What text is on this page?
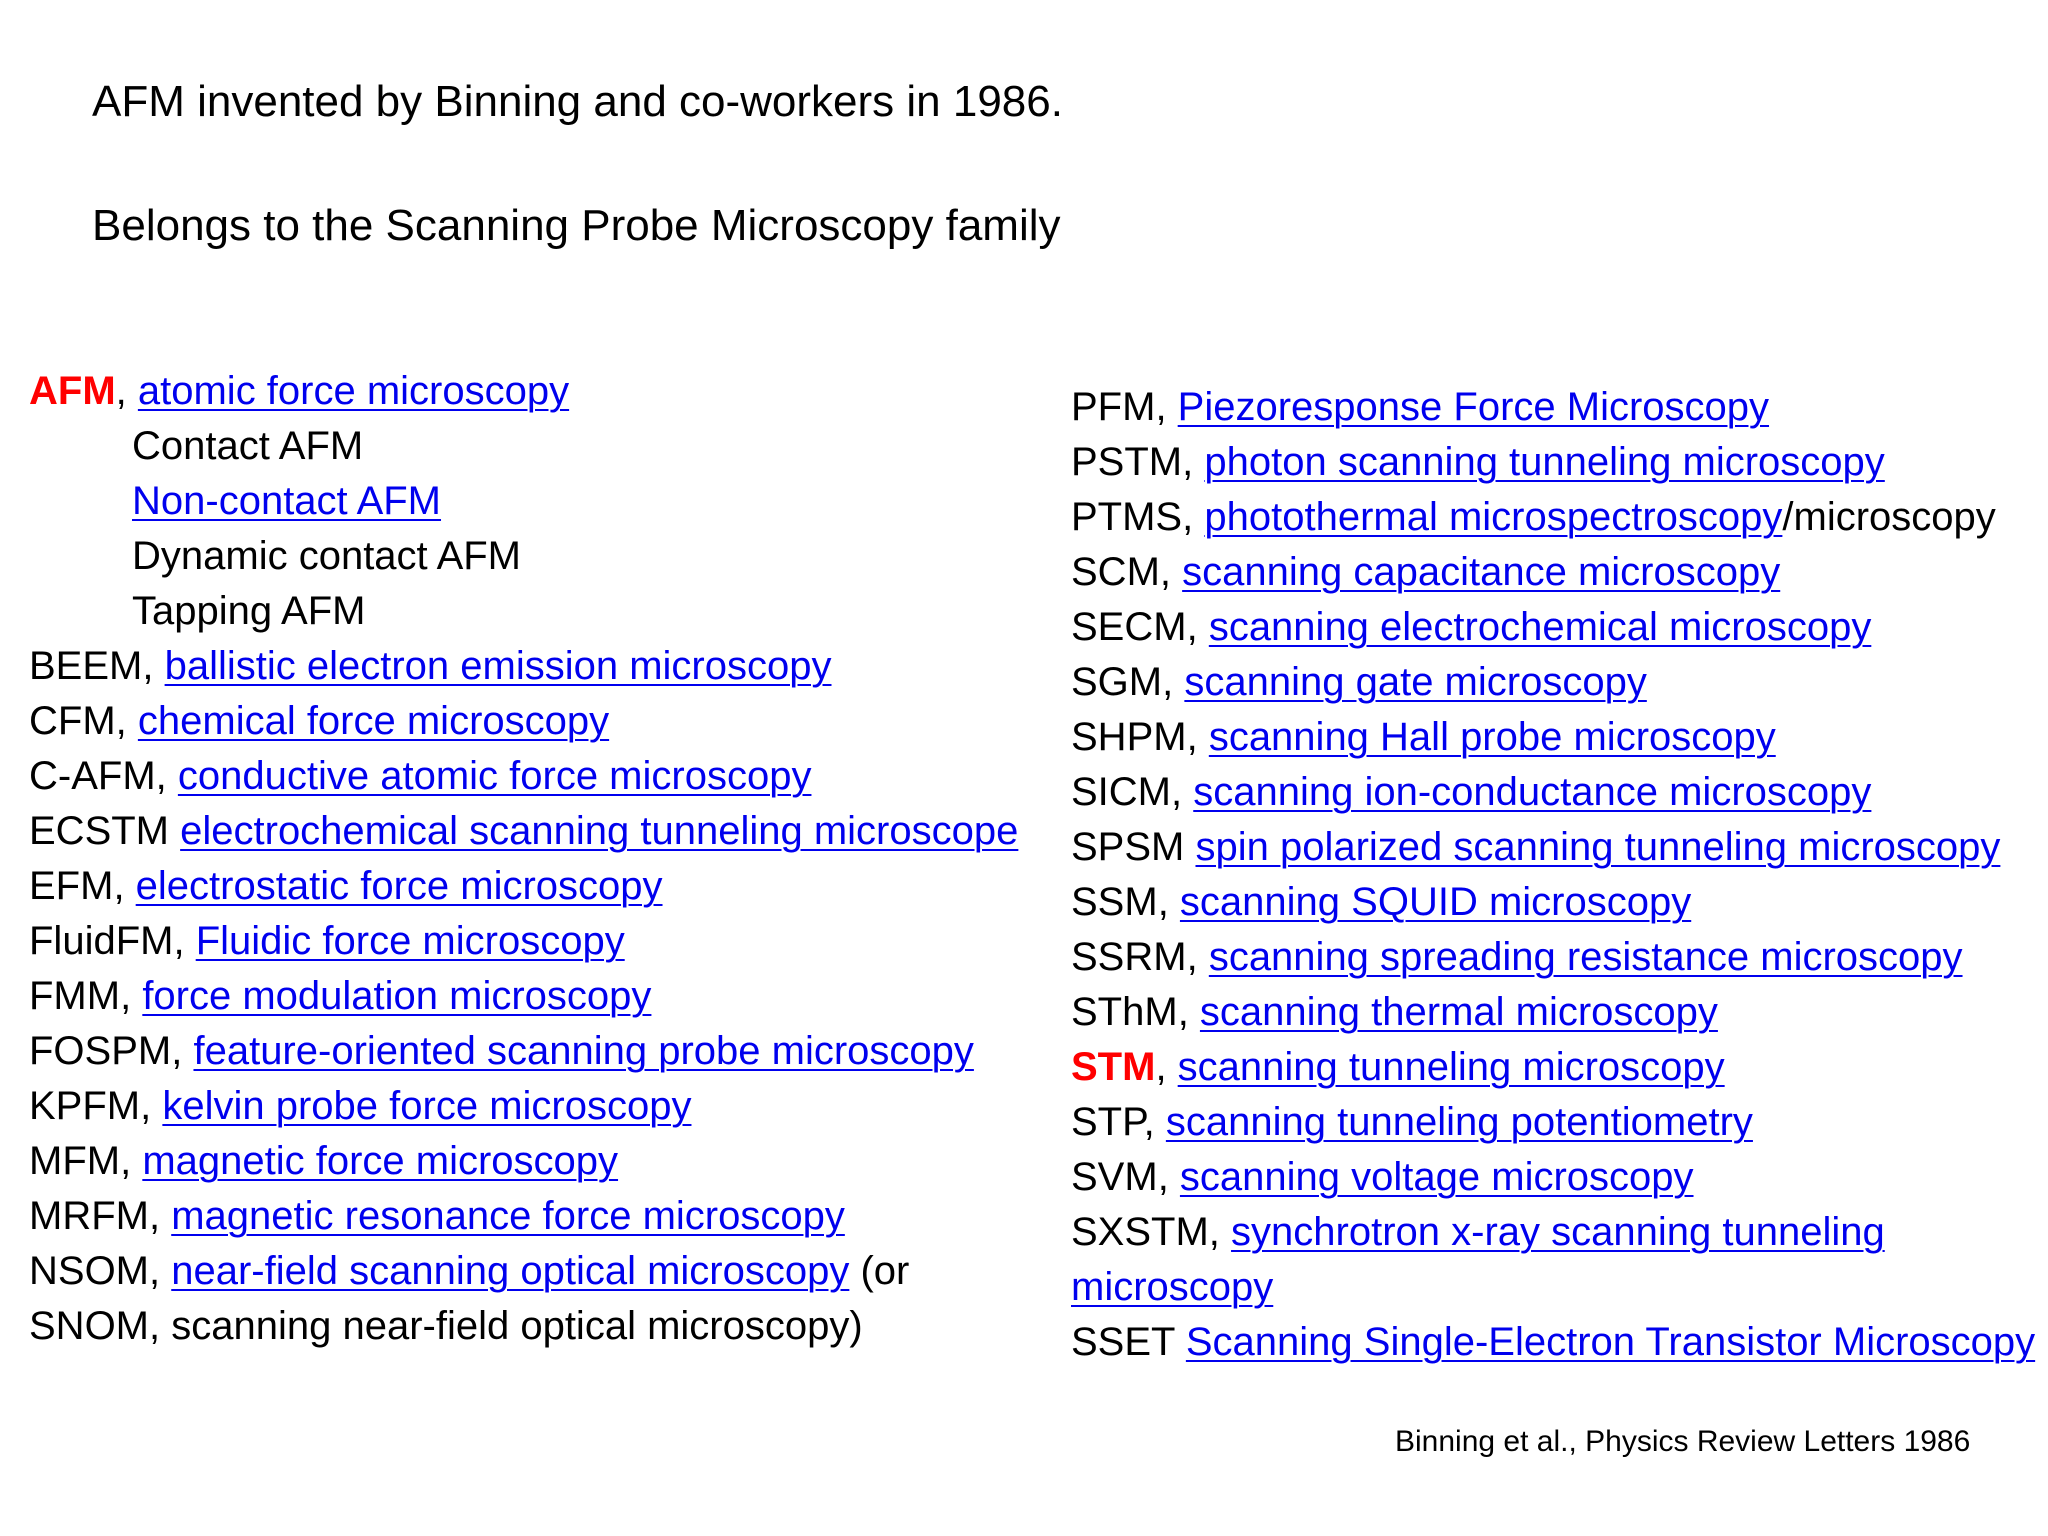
AFM invented by Binning and co-workers in 1986.
Belongs to the Scanning Probe Microscopy family
AFM, atomic force microscopy
Contact AFM
Non-contact AFM
Dynamic contact AFM
Tapping AFM
BEEM, ballistic electron emission microscopy
CFM, chemical force microscopy
C-AFM, conductive atomic force microscopy
ECSTM electrochemical scanning tunneling microscope
EFM, electrostatic force microscopy
FluidFM, Fluidic force microscopy
FMM, force modulation microscopy
FOSPM, feature-oriented scanning probe microscopy
KPFM, kelvin probe force microscopy
MFM, magnetic force microscopy
MRFM, magnetic resonance force microscopy
NSOM, near-field scanning optical microscopy (or SNOM, scanning near-field optical microscopy)
PFM, Piezoresponse Force Microscopy
PSTM, photon scanning tunneling microscopy
PTMS, photothermal microspectroscopy/microscopy
SCM, scanning capacitance microscopy
SECM, scanning electrochemical microscopy
SGM, scanning gate microscopy
SHPM, scanning Hall probe microscopy
SICM, scanning ion-conductance microscopy
SPSM spin polarized scanning tunneling microscopy
SSM, scanning SQUID microscopy
SSRM, scanning spreading resistance microscopy
SThM, scanning thermal microscopy
STM, scanning tunneling microscopy
STP, scanning tunneling potentiometry
SVM, scanning voltage microscopy
SXSTM, synchrotron x-ray scanning tunneling microscopy
SSET Scanning Single-Electron Transistor Microscopy
Binning et al., Physics Review Letters 1986
